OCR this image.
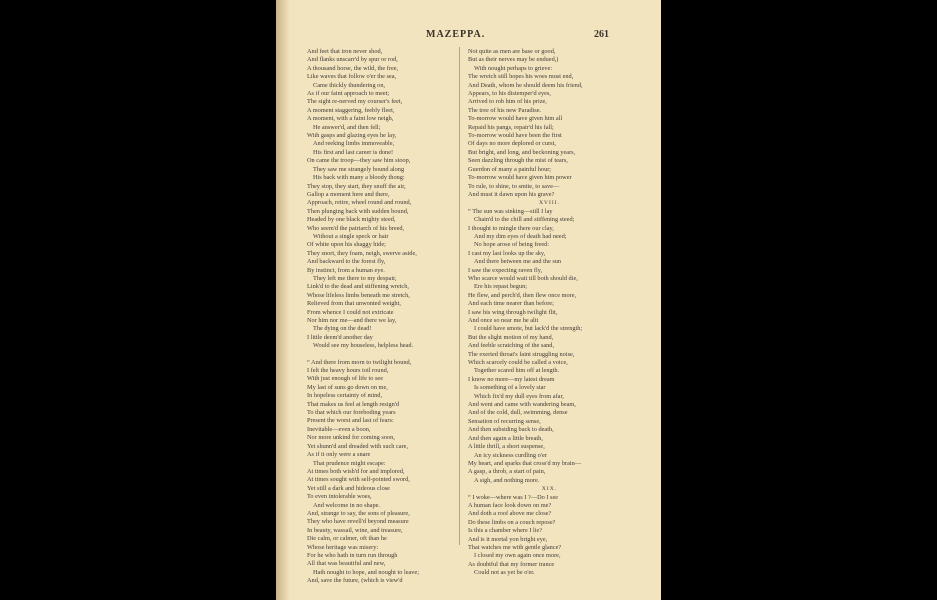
MAZEPPA.	261
And feet that iron never shod,
And flanks unscarr'd by spur or rod,
A thousand horse, the wild, the free,
Like waves that follow o'er the sea,
Came thickly thundering on,
As if our faint approach to meet;
The sight re-nerved my courser's feet,
A moment staggering, feebly fleet,
A moment, with a faint low neigh,
He answer'd, and then fell;
With gasps and glazing eyes he lay,
And reeking limbs immoveable,
His first and last career is done!
On came the troop—they saw him stoop,
They saw me strangely bound along
His back with many a bloody thong:
They stop, they start, they snuff the air,
Gallop a moment here and there,
Approach, retire, wheel round and round,
Then plunging back with sudden bound,
Headed by one black mighty steed,
Who seem'd the patriarch of his breed,
Without a single speck or hair
Of white upon his shaggy hide;
They snort, they foam, neigh, swerve aside,
And backward to the forest fly,
By instinct, from a human eye.
They left me there to my despair,
Link'd to the dead and stiffening wretch,
Whose lifeless limbs beneath me stretch,
Relieved from that unwonted weight,
From whence I could not extricate
Nor him nor me—and there we lay,
The dying on the dead!
I little deem'd another day
Would see my houseless, helpless head.
“ And there from morn to twilight bound,
I felt the heavy hours toil round,
With just enough of life to see
My last of suns go down on me,
In hopeless certainty of mind,
That makes us feel at length resign'd
To that which our foreboding years
Present the worst and last of fears:
Inevitable—even a boon,
Nor more unkind for coming soon,
Yet shunn'd and dreaded with such care,
As if it only were a snare
That prudence might escape:
At times both wish'd for and implored,
At times sought with self-pointed sword,
Yet still a dark and hideous close
To even intolerable woes,
And welcome in no shape.
And, strange to say, the sons of pleasure,
They who have revell'd beyond measure
In beauty, wassail, wine, and treasure,
Die calm, or calmer, oft than he
Whose heritage was misery:
For he who hath in turn run through
All that was beautiful and new,
Hath nought to hope, and nought to leave;
And, save the future, (which is view'd
Not quite as men are base or good,
But as their nerves may be endued,)
With nought perhaps to grieve:
The wretch still hopes his woes must end,
And Death, whom he should deem his friend,
Appears, to his distemper'd eyes,
Arrived to rob him of his prize,
The tree of his new Paradise.
To-morrow would have given him all
Repaid his pangs, repair'd his fall;
To-morrow would have been the first
Of days no more deplored or curst,
But bright, and long, and beckoning years,
Seen dazzling through the mist of tears,
Guerdon of many a painful hour;
To-morrow would have given him power
To rule, to shine, to smite, to save—
And must it dawn upon his grave?
XVIII.
“ The sun was sinking—still I lay
Chain'd to the chill and stiffening steed;
I thought to mingle there our clay,
And my dim eyes of death had need;
No hope arose of being freed:
I cast my last looks up the sky,
And there between me and the sun
I saw the expecting raven fly,
Who scarce would wait till both should die,
Ere his repast begun;
He flew, and perch'd, then flew once more,
And each time nearer than before;
I saw his wing through twilight flit,
And once so near me he alit
I could have smote, but lack'd the strength;
But the slight motion of my hand,
And feeble scratching of the sand,
The exerted throat's faint struggling noise,
Which scarcely could be called a voice,
Together scared him off at length.
I know no more—my latest dream
Is something of a lovely star
Which fix'd my dull eyes from afar,
And went and came with wandering beam,
And of the cold, dull, swimming, dense
Sensation of recurring sense,
And then subsiding back to death,
And then again a little breath,
A little thrill, a short suspense,
An icy sickness curdling o'er
My heart, and sparks that cross'd my brain—
A gasp, a throb, a start of pain,
A sigh, and nothing more.
XIX.
“ I woke—where was I ?—Do I see
A human face look down on me?
And doth a roof above me close?
Do these limbs on a couch repose?
Is this a chamber where I lie?
And is it mortal yon bright eye,
That watches me with gentle glance?
I closed my own again once more,
As doubtful that my former trance
Could not as yet be o'er.
